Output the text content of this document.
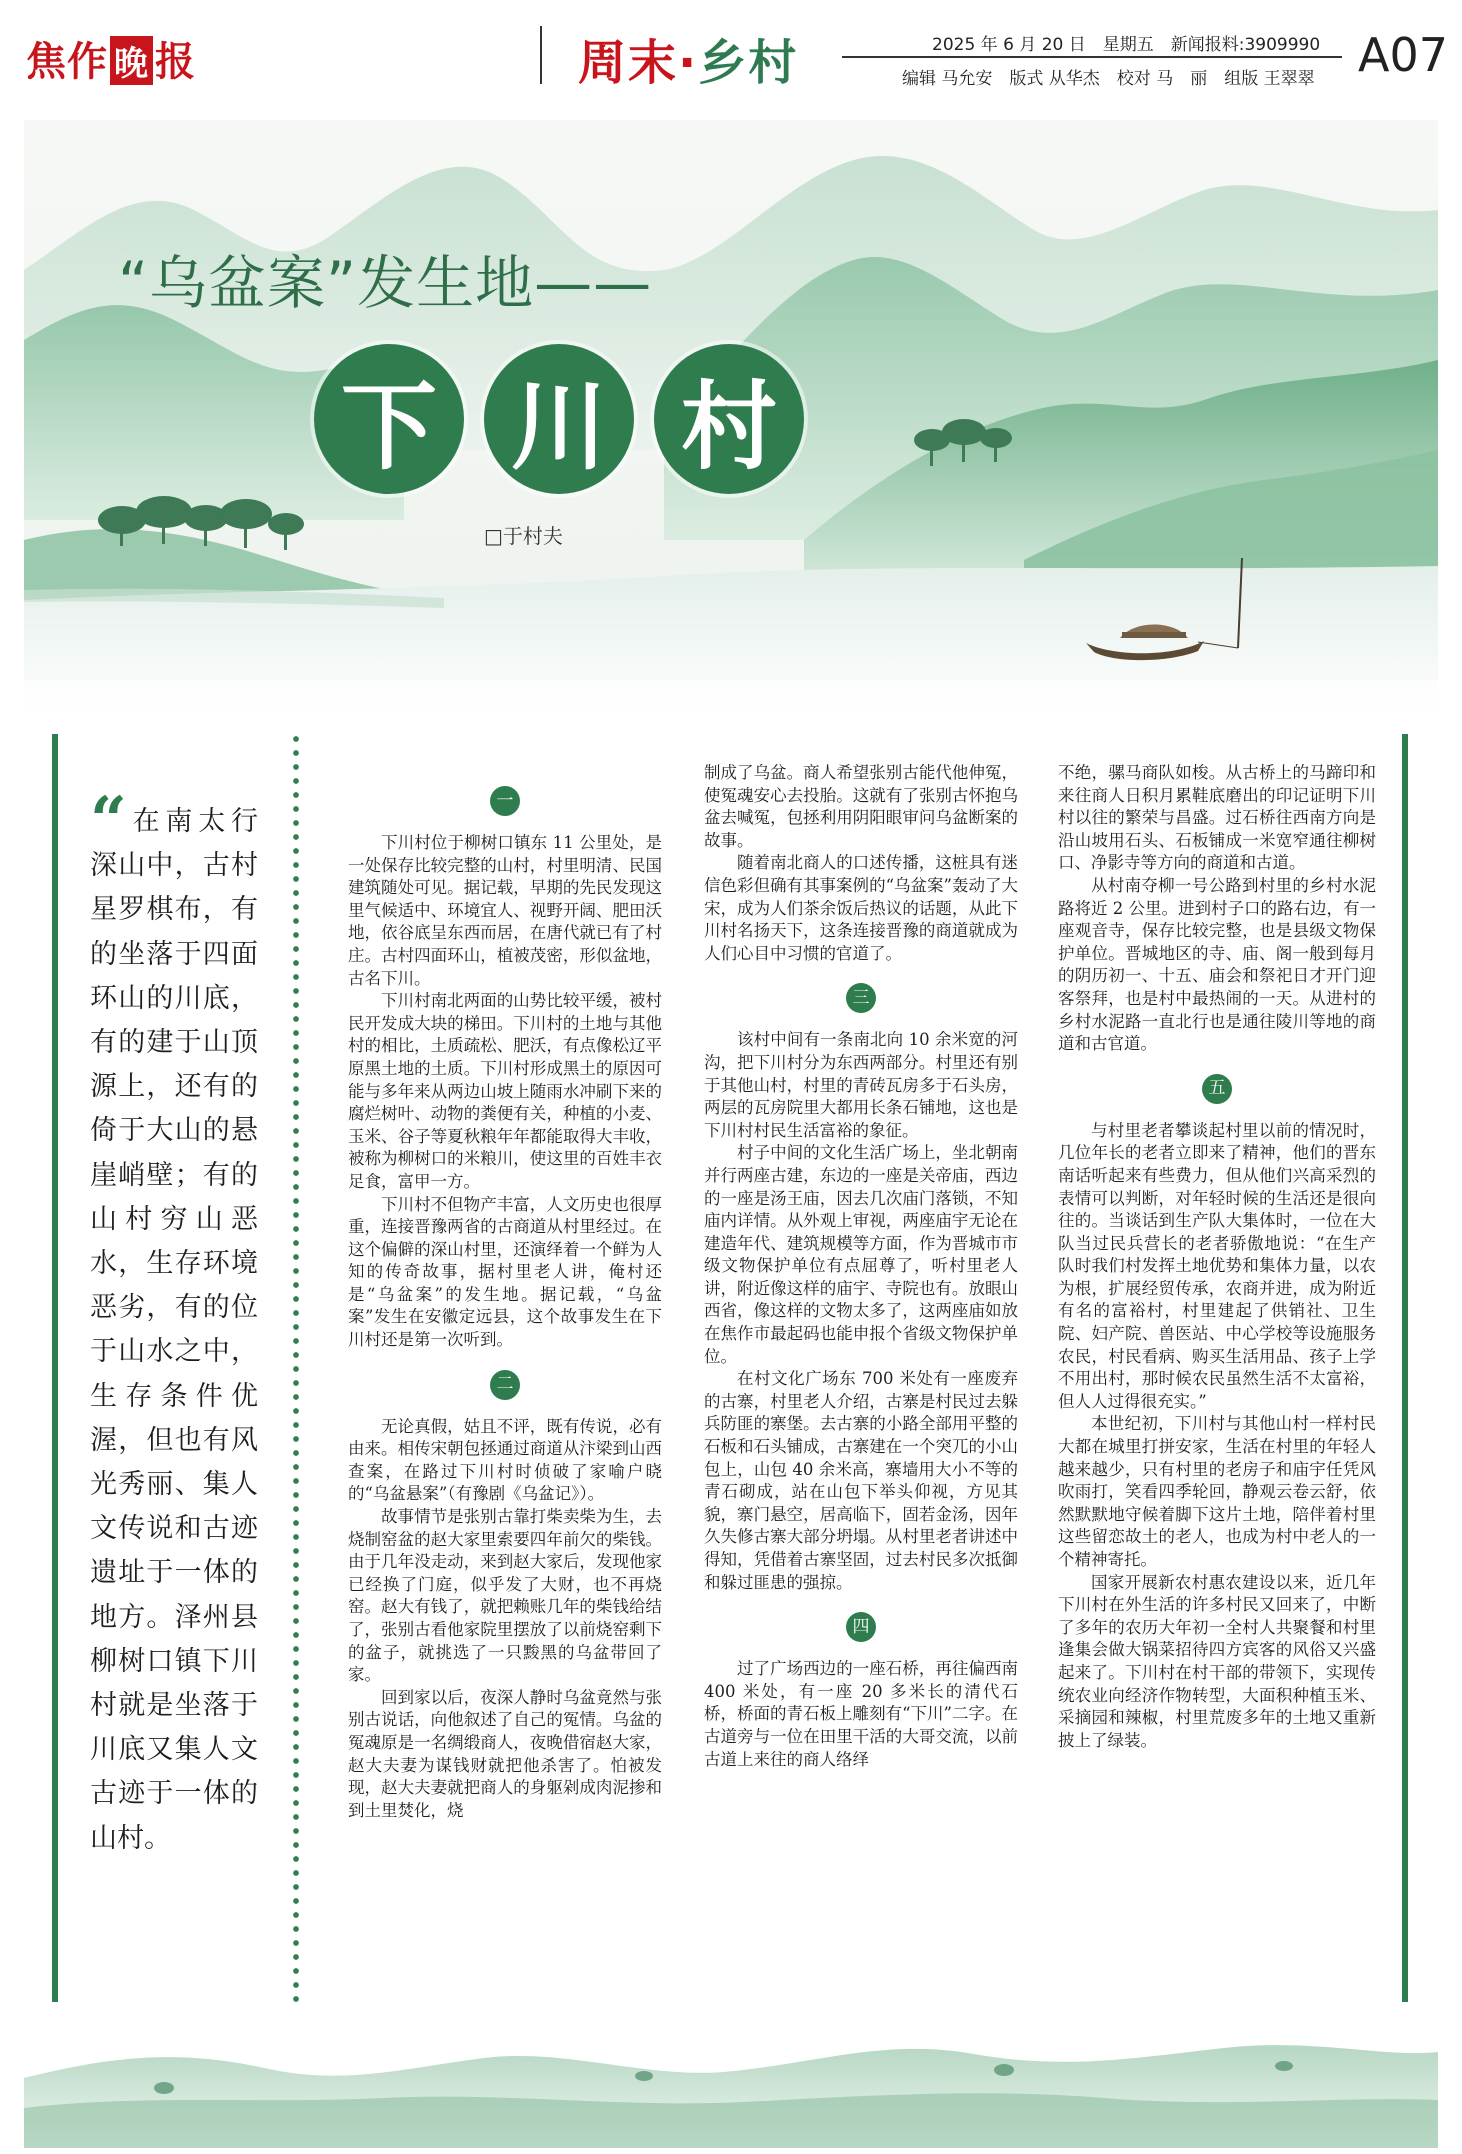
焦作 晚 报	周末·乡村	2025 年 6 月 20 日　星期五　新闻报料:3909990
编辑 马允安　版式 从华杰　校对 马　丽　组版 王翠翠 A07
“乌盆案”发生地——
下 川 村
□于村夫
“ 在南太行深山中，古村星罗棋布，有的坐落于四面环山的川底，有的建于山顶源上，还有的倚于大山的悬崖峭壁；有的山村穷山恶水，生存环境恶劣，有的位于山水之中，生存条件优渥，但也有风光秀丽、集人文传说和古迹遗址于一体的地方。泽州县柳树口镇下川村就是坐落于川底又集人文古迹于一体的山村。
一

下川村位于柳树口镇东 11 公里处，是一处保存比较完整的山村，村里明清、民国建筑随处可见。据记载，早期的先民发现这里气候适中、环境宜人、视野开阔、肥田沃地，依谷底呈东西而居，在唐代就已有了村庄。古村四面环山，植被茂密，形似盆地，古名下川。

下川村南北两面的山势比较平缓，被村民开发成大块的梯田。下川村的土地与其他村的相比，土质疏松、肥沃，有点像松辽平原黑土地的土质。下川村形成黑土的原因可能与多年来从两边山坡上随雨水冲刷下来的腐烂树叶、动物的粪便有关，种植的小麦、玉米、谷子等夏秋粮年年都能取得大丰收，被称为柳树口的米粮川，使这里的百姓丰衣足食，富甲一方。

下川村不但物产丰富，人文历史也很厚重，连接晋豫两省的古商道从村里经过。在这个偏僻的深山村里，还演绎着一个鲜为人知的传奇故事，据村里老人讲，俺村还是“乌盆案”的发生地。据记载，“乌盆案”发生在安徽定远县，这个故事发生在下川村还是第一次听到。

二

无论真假，姑且不评，既有传说，必有由来。相传宋朝包拯通过商道从汴梁到山西查案，在路过下川村时侦破了家喻户晓的“乌盆悬案”（有豫剧《乌盆记》）。

故事情节是张别古靠打柴卖柴为生，去烧制窑盆的赵大家里索要四年前欠的柴钱。由于几年没走动，来到赵大家后，发现他家已经换了门庭，似乎发了大财，也不再烧窑。赵大有钱了，就把赖账几年的柴钱给结了，张别古看他家院里摆放了以前烧窑剩下的盆子，就挑选了一只黢黑的乌盆带回了家。

回到家以后，夜深人静时乌盆竟然与张别古说话，向他叙述了自己的冤情。乌盆的冤魂原是一名绸缎商人，夜晚借宿赵大家，赵大夫妻为谋钱财就把他杀害了。怕被发现，赵大夫妻就把商人的身躯剁成肉泥掺和到土里焚化，烧

制成了乌盆。商人希望张别古能代他伸冤，使冤魂安心去投胎。这就有了张别古怀抱乌盆去喊冤，包拯利用阴阳眼审问乌盆断案的故事。

随着南北商人的口述传播，这桩具有迷信色彩但确有其事案例的“乌盆案”轰动了大宋，成为人们茶余饭后热议的话题，从此下川村名扬天下，这条连接晋豫的商道就成为人们心目中习惯的官道了。

三

该村中间有一条南北向 10 余米宽的河沟，把下川村分为东西两部分。村里还有别于其他山村，村里的青砖瓦房多于石头房，两层的瓦房院里大都用长条石铺地，这也是下川村村民生活富裕的象征。

村子中间的文化生活广场上，坐北朝南并行两座古建，东边的一座是关帝庙，西边的一座是汤王庙，因去几次庙门落锁，不知庙内详情。从外观上审视，两座庙宇无论在建造年代、建筑规模等方面，作为晋城市市级文物保护单位有点屈尊了，听村里老人讲，附近像这样的庙宇、寺院也有。放眼山西省，像这样的文物太多了，这两座庙如放在焦作市最起码也能申报个省级文物保护单位。

在村文化广场东 700 米处有一座废弃的古寨，村里老人介绍，古寨是村民过去躲兵防匪的寨堡。去古寨的小路全部用平整的石板和石头铺成，古寨建在一个突兀的小山包上，山包 40 余米高，寨墙用大小不等的青石砌成，站在山包下举头仰视，方见其貌，寨门悬空，居高临下，固若金汤，因年久失修古寨大部分坍塌。从村里老者讲述中得知，凭借着古寨坚固，过去村民多次抵御和躲过匪患的强掠。

四

过了广场西边的一座石桥，再往偏西南 400 米处，有一座 20 多米长的清代石桥，桥面的青石板上雕刻有“下川”二字。在古道旁与一位在田里干活的大哥交流，以前古道上来往的商人络绎

不绝，骡马商队如梭。从古桥上的马蹄印和来往商人日积月累鞋底磨出的印记证明下川村以往的繁荣与昌盛。过石桥往西南方向是沿山坡用石头、石板铺成一米宽窄通往柳树口、净影寺等方向的商道和古道。

从村南夺柳一号公路到村里的乡村水泥路将近 2 公里。进到村子口的路右边，有一座观音寺，保存比较完整，也是县级文物保护单位。晋城地区的寺、庙、阁一般到每月的阴历初一、十五、庙会和祭祀日才开门迎客祭拜，也是村中最热闹的一天。从进村的乡村水泥路一直北行也是通往陵川等地的商道和古官道。

五

与村里老者攀谈起村里以前的情况时，几位年长的老者立即来了精神，他们的晋东南话听起来有些费力，但从他们兴高采烈的表情可以判断，对年轻时候的生活还是很向往的。当谈话到生产队大集体时，一位在大队当过民兵营长的老者骄傲地说：“在生产队时我们村发挥土地优势和集体力量，以农为根，扩展经贸传承，农商并进，成为附近有名的富裕村，村里建起了供销社、卫生院、妇产院、兽医站、中心学校等设施服务农民，村民看病、购买生活用品、孩子上学不用出村，那时候农民虽然生活不太富裕，但人人过得很充实。”

本世纪初，下川村与其他山村一样村民大都在城里打拼安家，生活在村里的年轻人越来越少，只有村里的老房子和庙宇任凭风吹雨打，笑看四季轮回，静观云卷云舒，依然默默地守候着脚下这片土地，陪伴着村里这些留恋故土的老人，也成为村中老人的一个精神寄托。

国家开展新农村惠农建设以来，近几年下川村在外生活的许多村民又回来了，中断了多年的农历大年初一全村人共聚餐和村里逢集会做大锅菜招待四方宾客的风俗又兴盛起来了。下川村在村干部的带领下，实现传统农业向经济作物转型，大面积种植玉米、采摘园和辣椒，村里荒废多年的土地又重新披上了绿装。
